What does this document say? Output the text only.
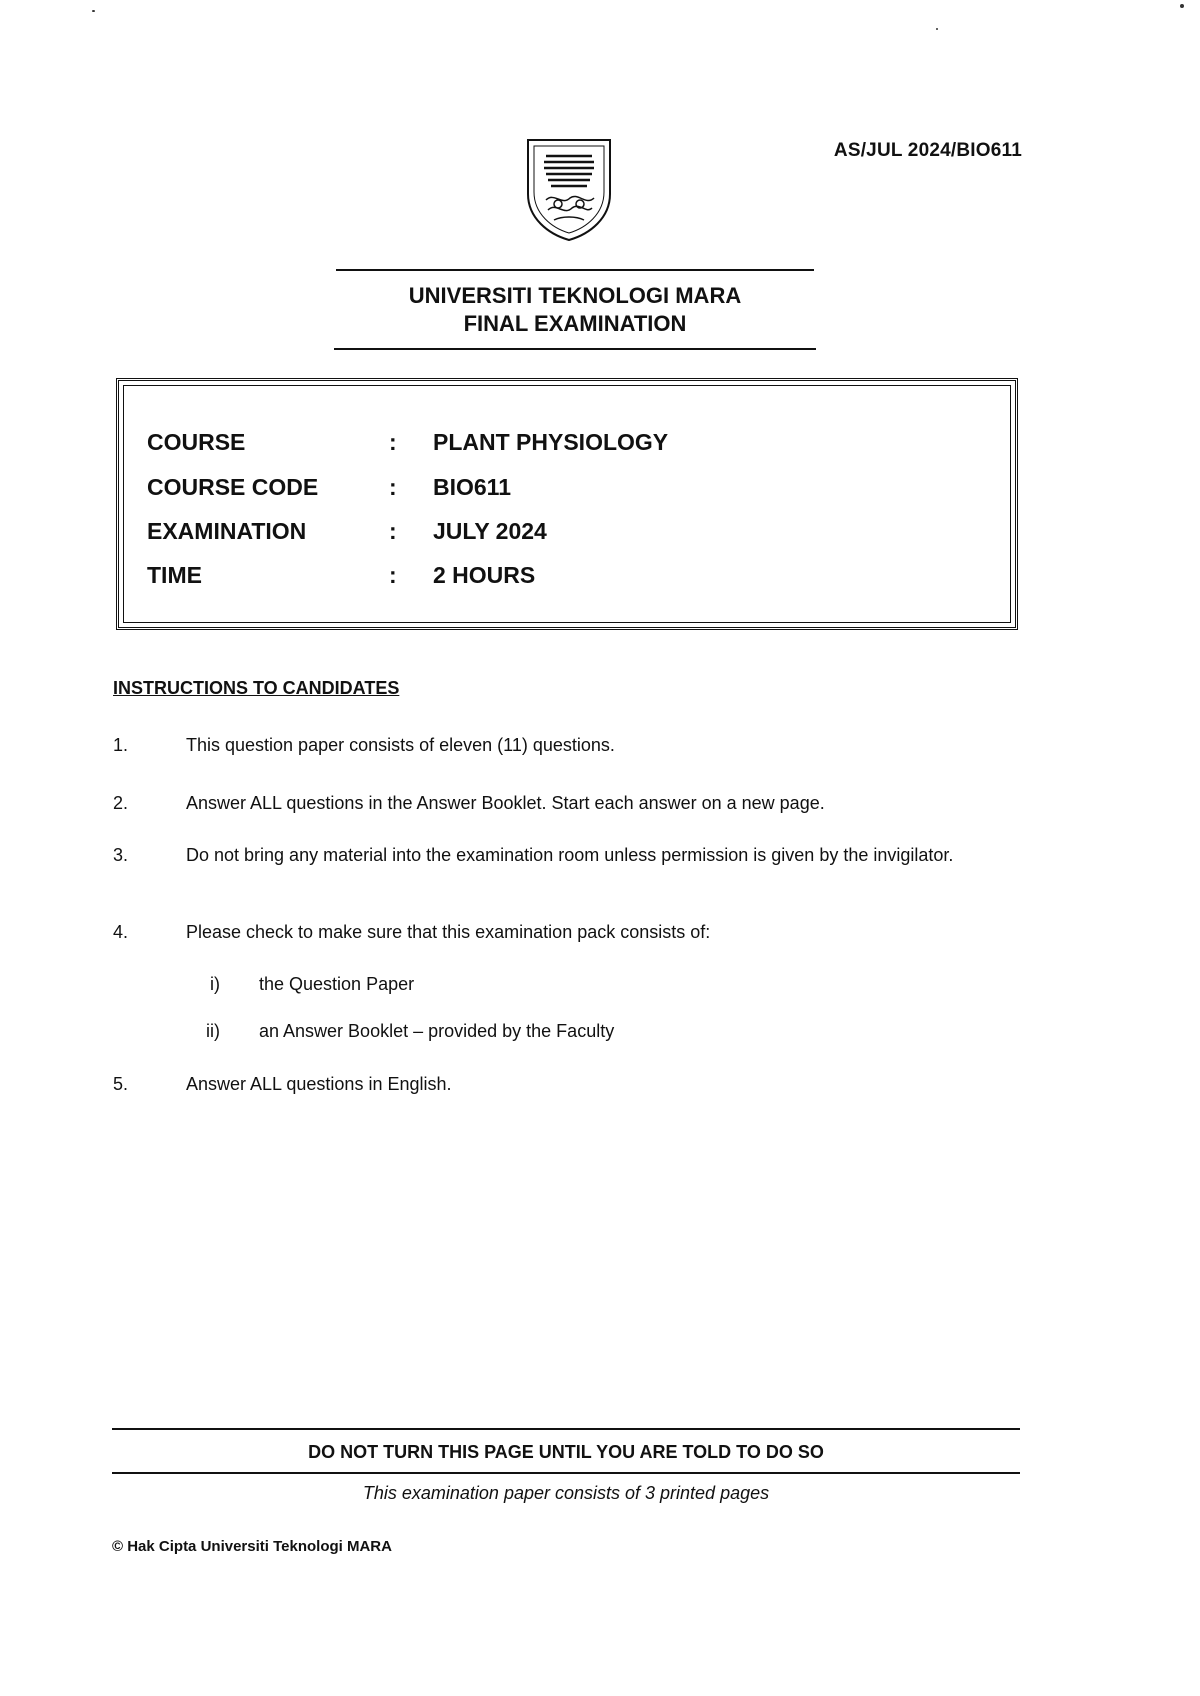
AS/JUL 2024/BIO611
UNIVERSITI TEKNOLOGI MARA
FINAL EXAMINATION
COURSE	: PLANT PHYSIOLOGY
COURSE CODE	: BIO611
EXAMINATION	: JULY 2024
TIME	: 2 HOURS
INSTRUCTIONS TO CANDIDATES
1.	This question paper consists of eleven (11) questions.
2.	Answer ALL questions in the Answer Booklet. Start each answer on a new page.
3.	Do not bring any material into the examination room unless permission is given by the invigilator.
4.	Please check to make sure that this examination pack consists of:
i) the Question Paper
ii) an Answer Booklet – provided by the Faculty
5.	Answer ALL questions in English.
DO NOT TURN THIS PAGE UNTIL YOU ARE TOLD TO DO SO
This examination paper consists of 3 printed pages
© Hak Cipta Universiti Teknologi MARA
